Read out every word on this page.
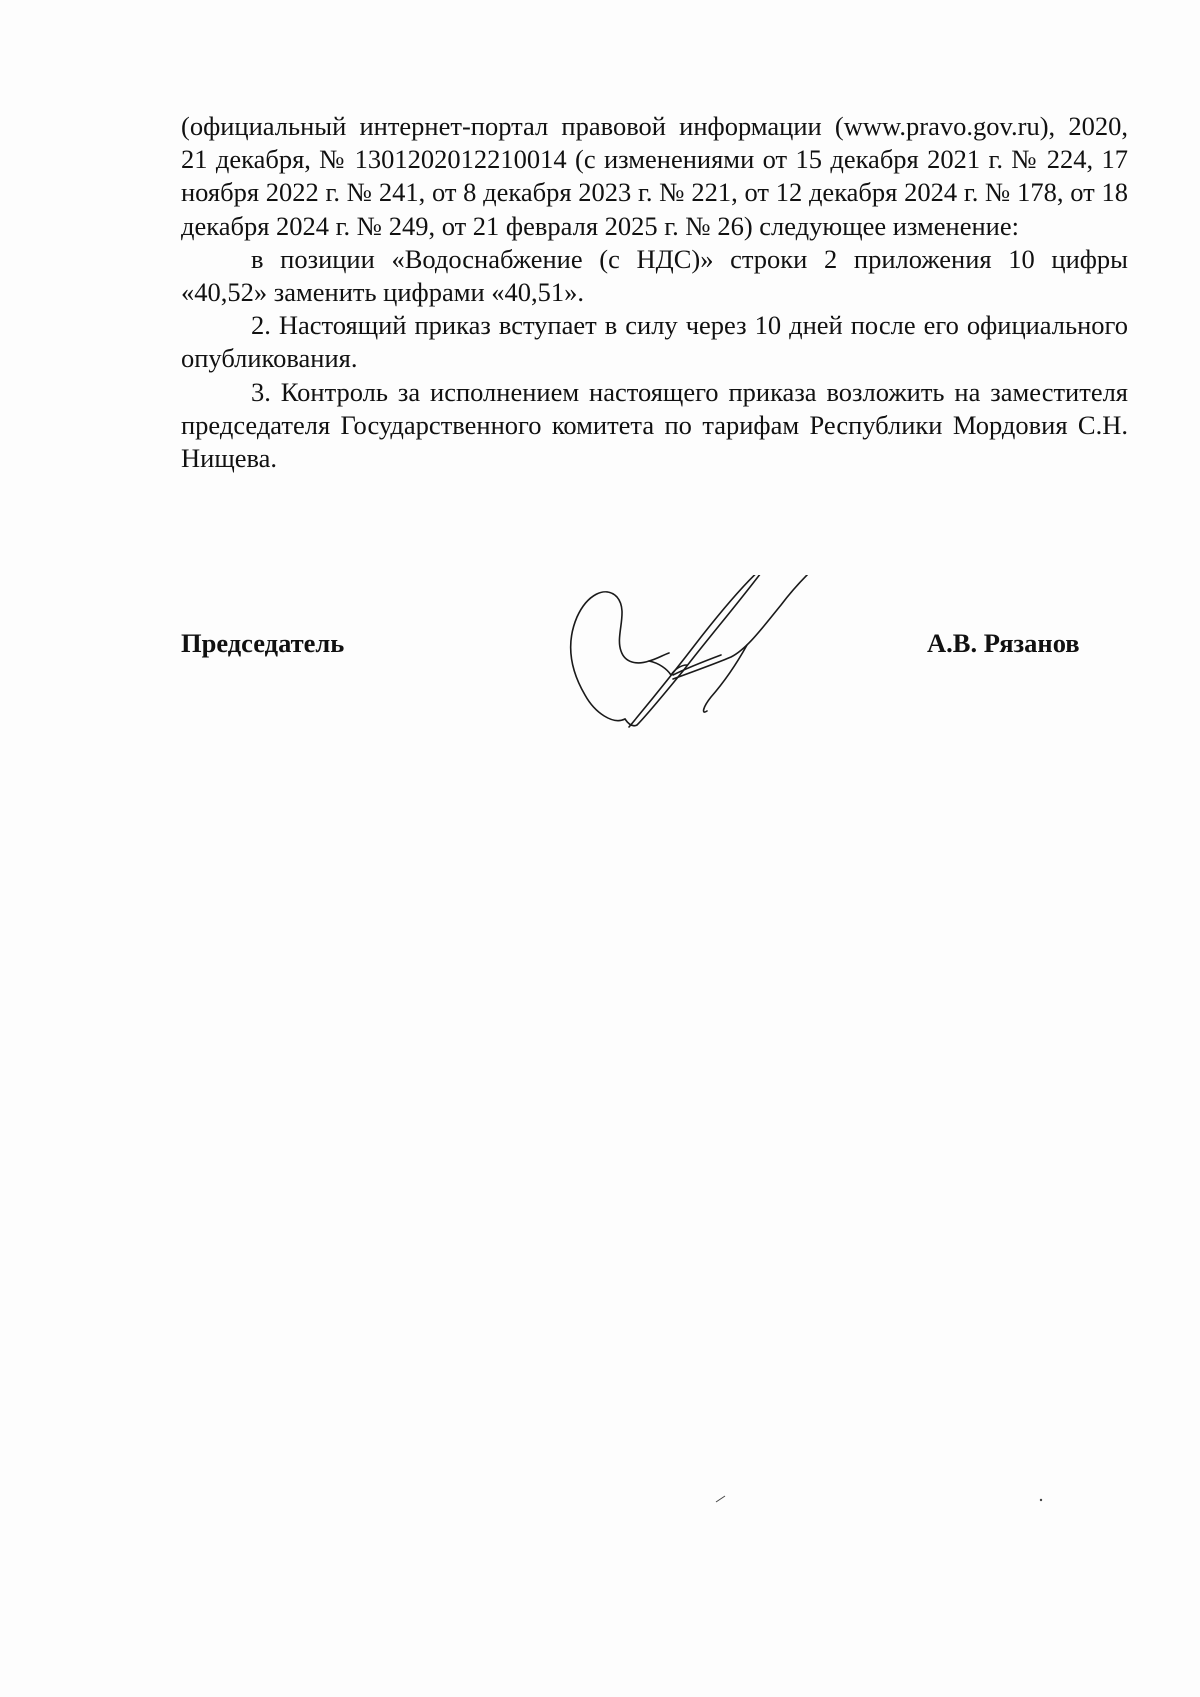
(официальный интернет-портал правовой информации (www.pravo.gov.ru), 2020, 21 декабря, № 1301202012210014 (с изменениями от 15 декабря 2021 г. № 224, 17 ноября 2022 г. № 241, от 8 декабря 2023 г. № 221, от 12 декабря 2024 г. № 178, от 18 декабря 2024 г. № 249, от 21 февраля 2025 г. № 26) следующее изменение:

в позиции «Водоснабжение (с НДС)» строки 2 приложения 10 цифры «40,52» заменить цифрами «40,51».

2. Настоящий приказ вступает в силу через 10 дней после его официального опубликования.

3. Контроль за исполнением настоящего приказа возложить на заместителя председателя Государственного комитета по тарифам Республики Мордовия С.Н. Нищева.

Председатель	А.В. Рязанов
